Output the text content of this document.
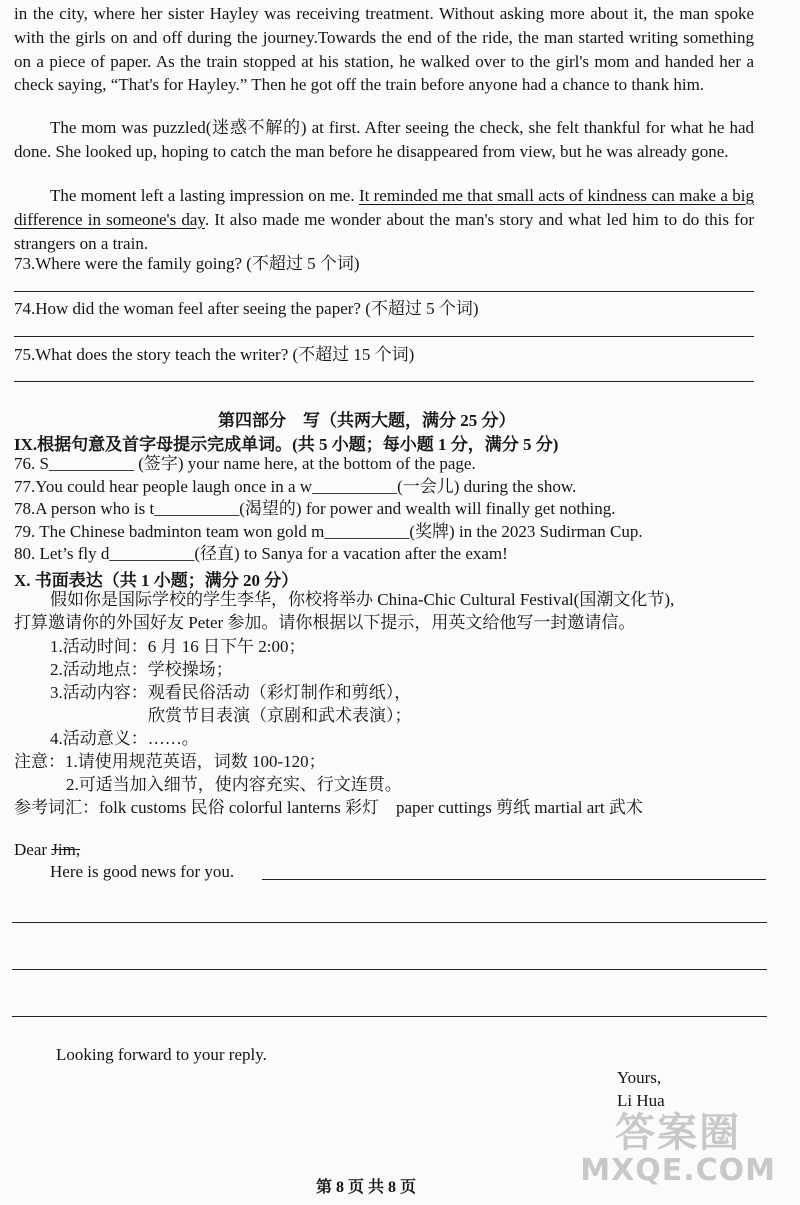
in the city, where her sister Hayley was receiving treatment. Without asking more about it, the man spoke with the girls on and off during the journey.Towards the end of the ride, the man started writing something on a piece of paper. As the train stopped at his station, he walked over to the girl's mom and handed her a check saying, “That's for Hayley.” Then he got off the train before anyone had a chance to thank him.
The mom was puzzled(迷惑不解的) at first. After seeing the check, she felt thankful for what he had done. She looked up, hoping to catch the man before he disappeared from view, but he was already gone.
The moment left a lasting impression on me. It reminded me that small acts of kindness can make a big difference in someone's day. It also made me wonder about the man's story and what led him to do this for strangers on a train.
73.Where were the family going? (不超过 5 个词)
74.How did the woman feel after seeing the paper? (不超过 5 个词)
75.What does the story teach the writer? (不超过 15 个词)
第四部分　写（共两大题，满分 25 分）
IX.根据句意及首字母提示完成单词。(共 5 小题；每小题 1 分，满分 5 分)
76. S__________ (签字) your name here, at the bottom of the page.
77.You could hear people laugh once in a w__________(一会儿) during the show.
78.A person who is t__________(渴望的) for power and wealth will finally get nothing.
79. The Chinese badminton team won gold m__________(奖牌) in the 2023 Sudirman Cup.
80. Let’s fly d__________(径直) to Sanya for a vacation after the exam!
X. 书面表达（共 1 小题；满分 20 分）
假如你是国际学校的学生李华，你校将举办 China-Chic Cultural Festival(国潮文化节),
打算邀请你的外国好友 Peter 参加。请你根据以下提示，用英文给他写一封邀请信。
1.活动时间：6 月 16 日下午 2:00；
2.活动地点：学校操场；
3.活动内容：观看民俗活动（彩灯制作和剪纸），
欣赏节目表演（京剧和武术表演）；
4.活动意义：……。
注意：1.请使用规范英语，词数 100-120；
2.可适当加入细节，使内容充实、行文连贯。
参考词汇：folk customs 民俗 colorful lanterns 彩灯　paper cuttings 剪纸 martial art 武术
Dear Jim,
Here is good news for you.
Looking forward to your reply.
Yours,
Li Hua
第 8 页 共 8 页
答案圈
MXQE.COM
